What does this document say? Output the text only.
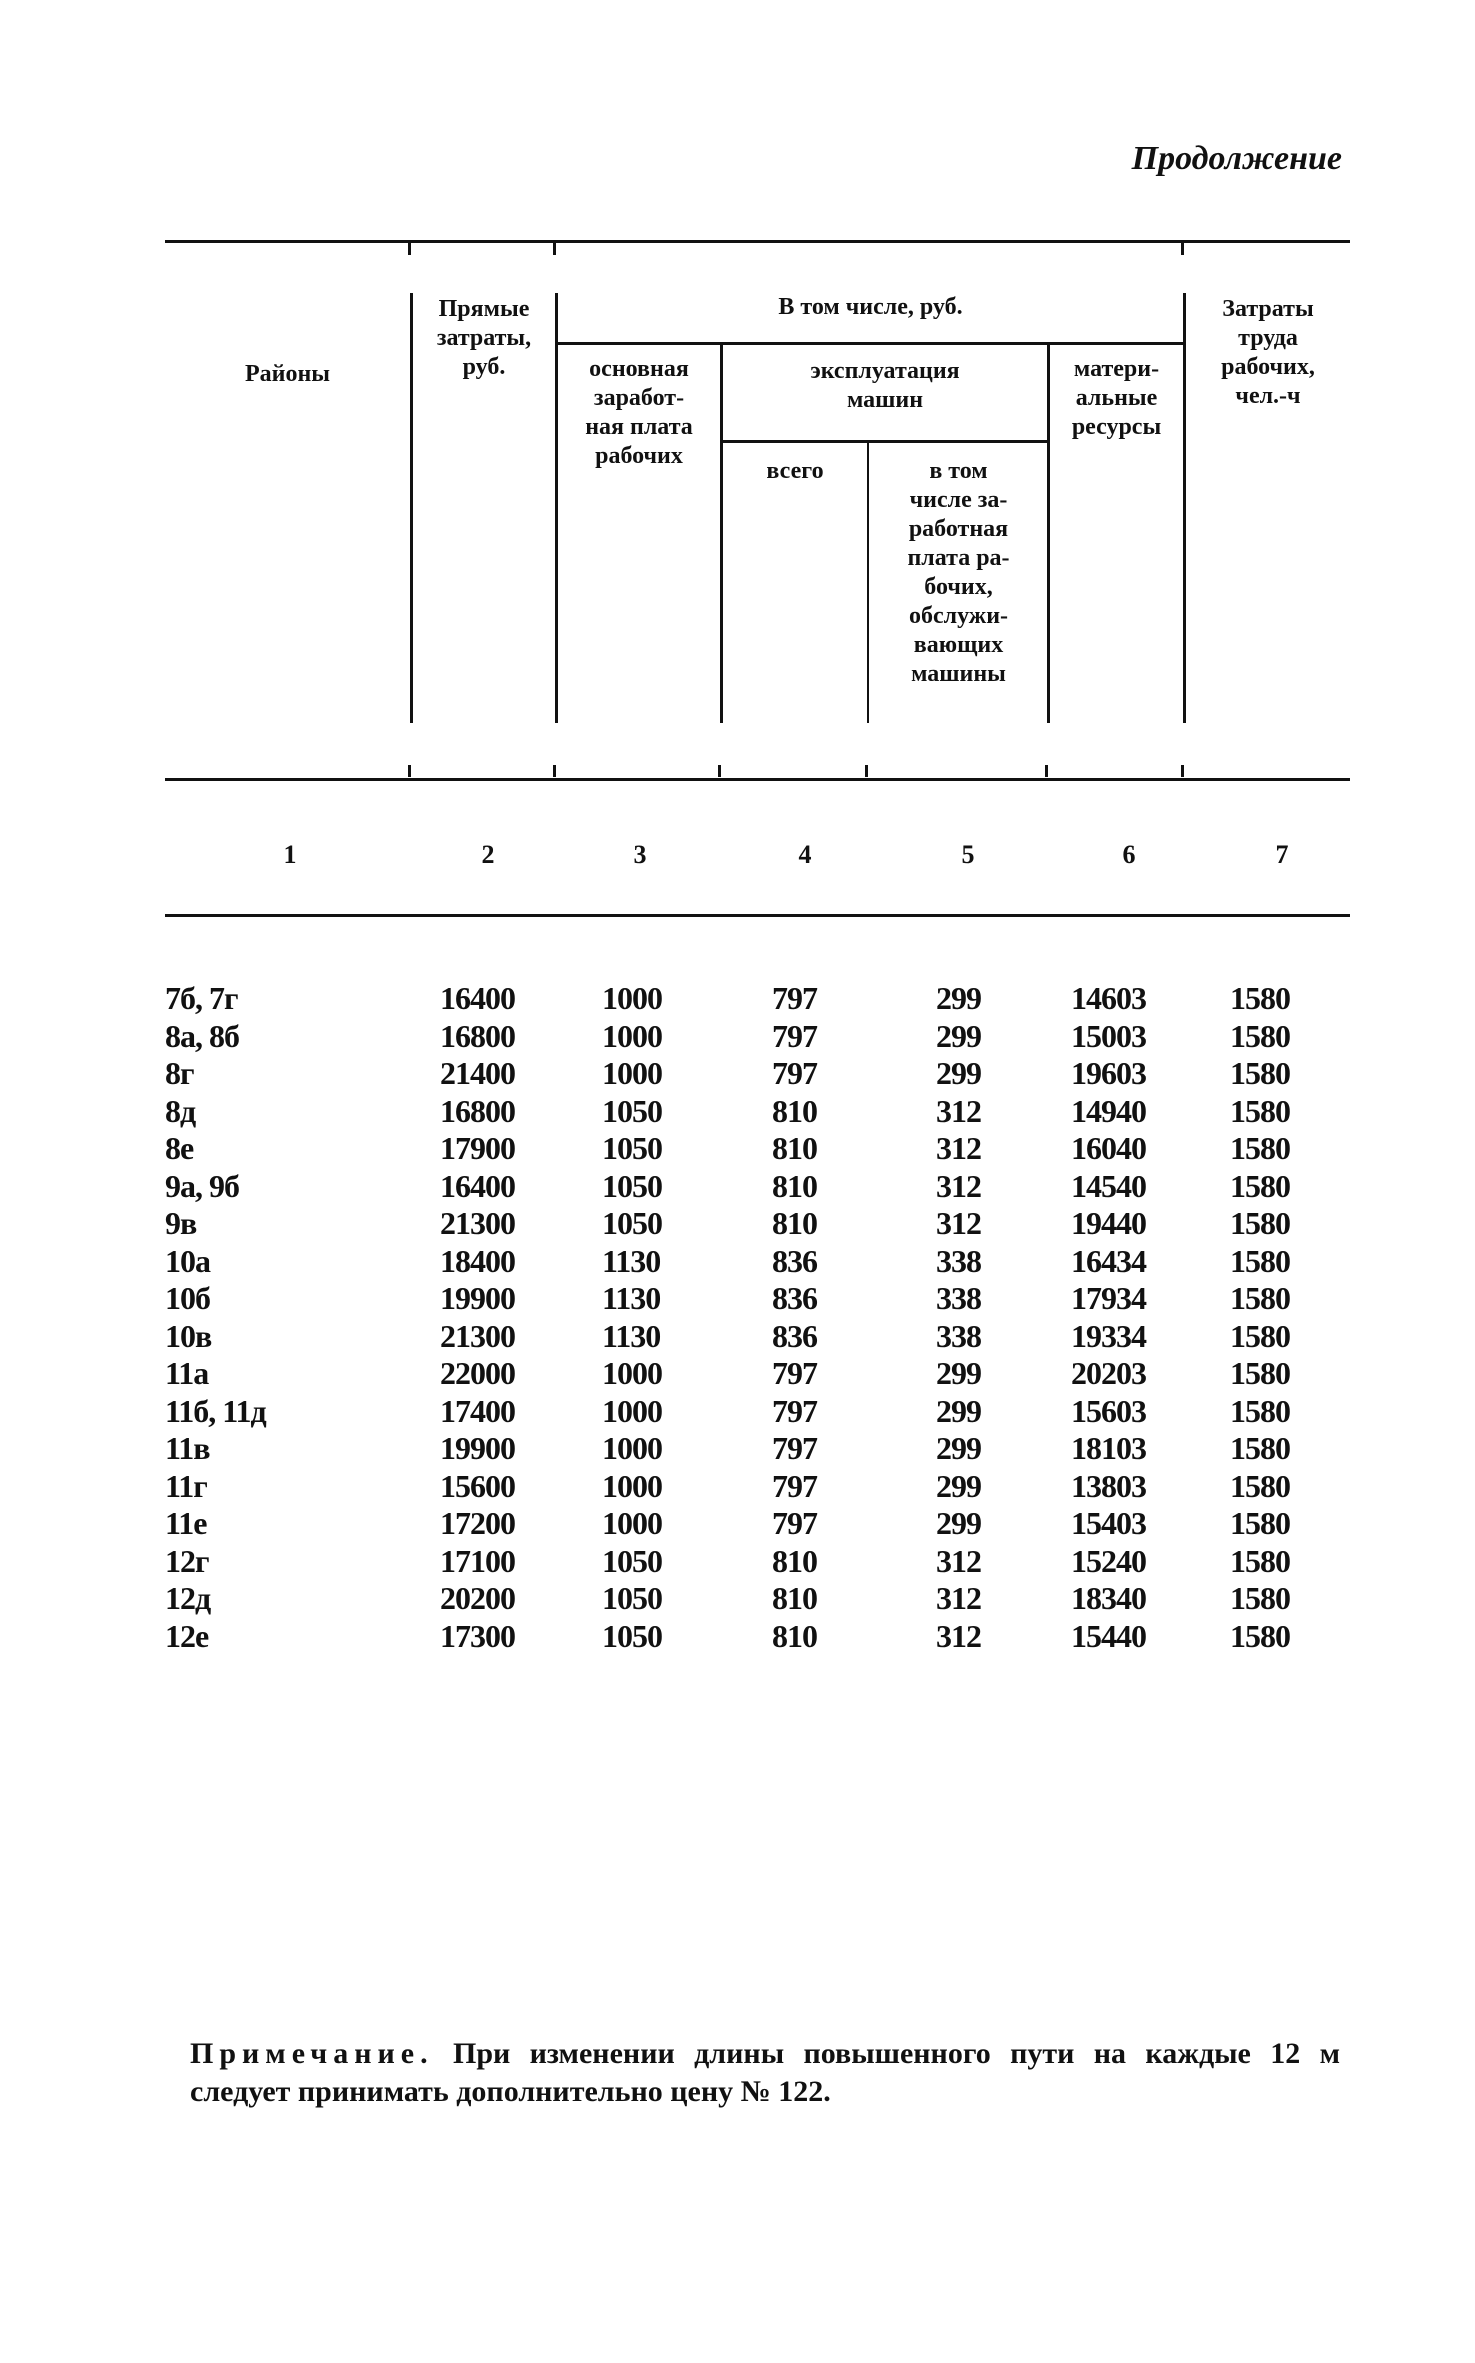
Продолжение
Районы
Прямые
затраты,
руб.
В том числе, руб.
основная
заработ-
ная плата
рабочих
эксплуатация
машин
всего	в том
числе за-
работная
плата ра-
бочих,
обслужи-
вающих
машины
матери-
альные
ресурсы
Затраты
труда
рабочих,
чел.-ч
1	2	3	4	5	6	7
7б, 7г	16400	1000	797	299	14603	1580
8а, 8б	16800	1000	797	299	15003	1580
8г	21400	1000	797	299	19603	1580
8д	16800	1050	810	312	14940	1580
8е	17900	1050	810	312	16040	1580
9а, 9б	16400	1050	810	312	14540	1580
9в	21300	1050	810	312	19440	1580
10а	18400	1130	836	338	16434	1580
10б	19900	1130	836	338	17934	1580
10в	21300	1130	836	338	19334	1580
11а	22000	1000	797	299	20203	1580
11б, 11д	17400	1000	797	299	15603	1580
11в	19900	1000	797	299	18103	1580
11г	15600	1000	797	299	13803	1580
11е	17200	1000	797	299	15403	1580
12г	17100	1050	810	312	15240	1580
12д	20200	1050	810	312	18340	1580
12е	17300	1050	810	312	15440	1580
Примечание. При изменении длины повышенного пути на каждые 12 м следует принимать дополнительно цену № 122.
